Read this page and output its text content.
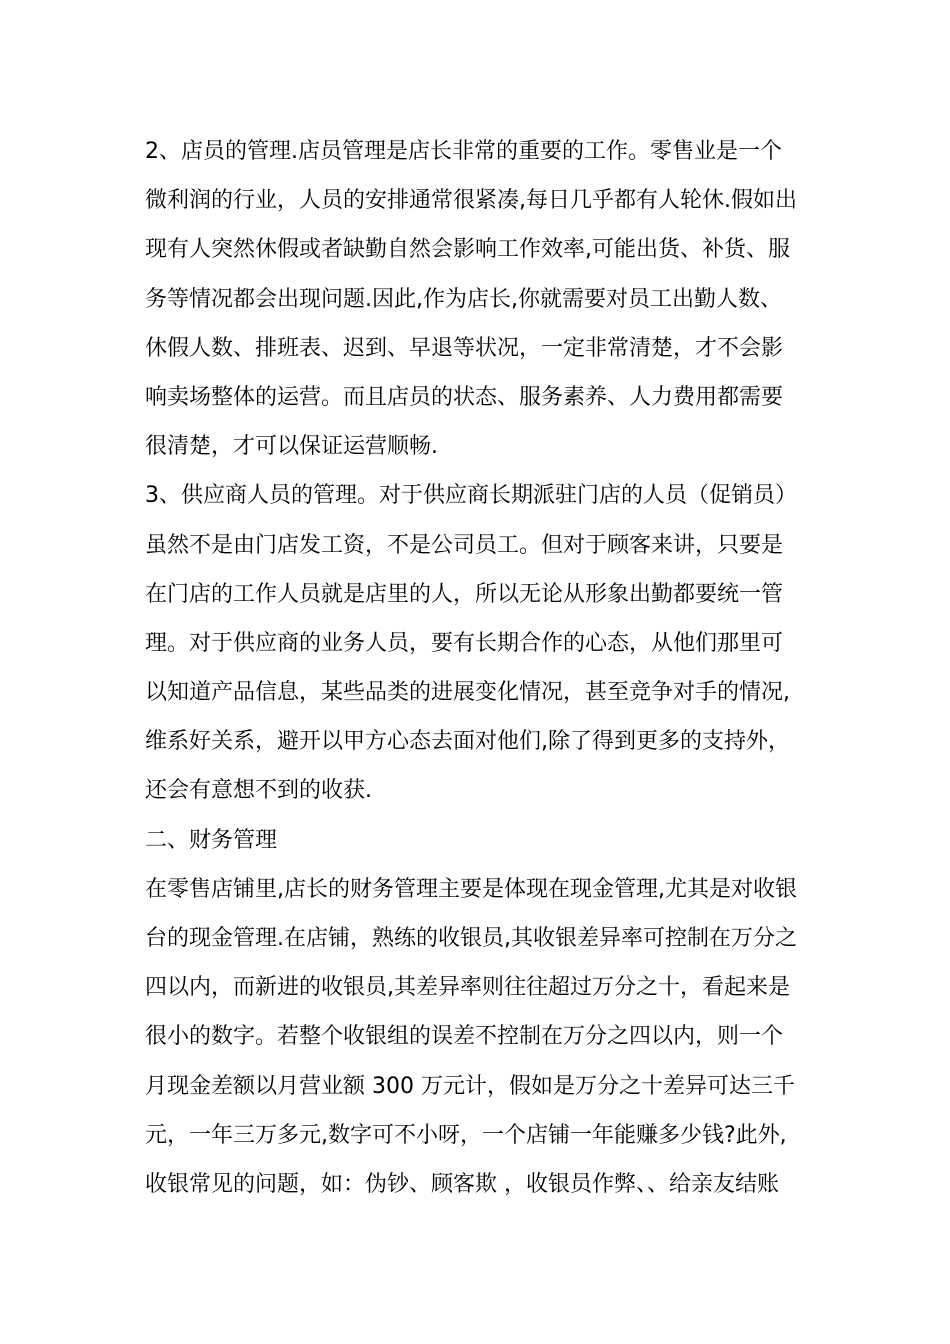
2、店员的管理.店员管理是店长非常的重要的工作。零售业是一个
微利润的行业，人员的安排通常很紧凑,每日几乎都有人轮休.假如出
现有人突然休假或者缺勤自然会影响工作效率,可能出货、补货、服
务等情况都会出现问题.因此,作为店长,你就需要对员工出勤人数、
休假人数、排班表、迟到、早退等状况，一定非常清楚，才不会影
响卖场整体的运营。而且店员的状态、服务素养、人力费用都需要
很清楚，才可以保证运营顺畅.
3、供应商人员的管理。对于供应商长期派驻门店的人员（促销员）
虽然不是由门店发工资，不是公司员工。但对于顾客来讲，只要是
在门店的工作人员就是店里的人，所以无论从形象出勤都要统一管
理。对于供应商的业务人员，要有长期合作的心态，从他们那里可
以知道产品信息，某些品类的进展变化情况，甚至竞争对手的情况,
维系好关系，避开以甲方心态去面对他们,除了得到更多的支持外，
还会有意想不到的收获.
二、财务管理
在零售店铺里,店长的财务管理主要是体现在现金管理,尤其是对收银
台的现金管理.在店铺，熟练的收银员,其收银差异率可控制在万分之
四以内，而新进的收银员,其差异率则往往超过万分之十，看起来是
很小的数字。若整个收银组的误差不控制在万分之四以内，则一个
月现金差额以月营业额 300 万元计，假如是万分之十差异可达三千
元，一年三万多元,数字可不小呀，一个店铺一年能赚多少钱?此外,
收银常见的问题，如：伪钞、顾客欺 ，收银员作弊、、给亲友结账
